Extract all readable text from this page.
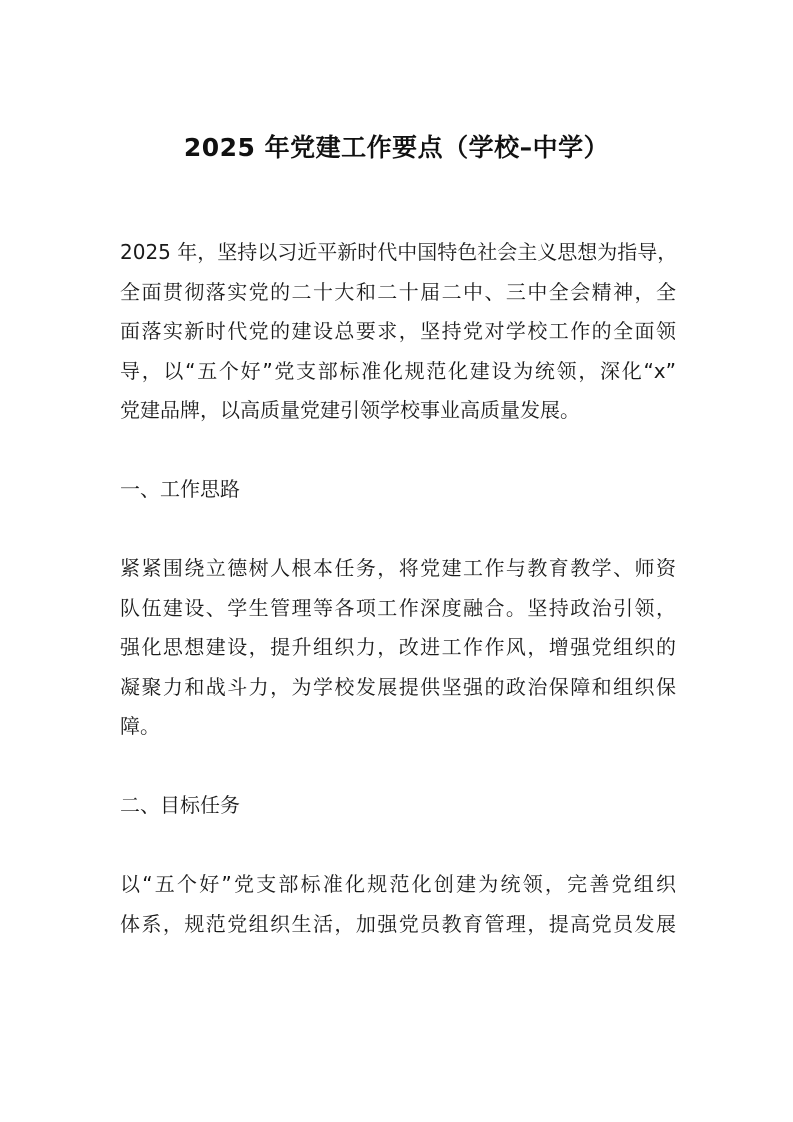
2025 年党建工作要点（学校–中学）

2025 年，坚持以习近平新时代中国特色社会主义思想为指导，
全面贯彻落实党的二十大和二十届二中、三中全会精神，全
面落实新时代党的建设总要求，坚持党对学校工作的全面领
导，以“五个好”党支部标准化规范化建设为统领，深化“x”
党建品牌，以高质量党建引领学校事业高质量发展。

一、工作思路

紧紧围绕立德树人根本任务，将党建工作与教育教学、师资
队伍建设、学生管理等各项工作深度融合。坚持政治引领，
强化思想建设，提升组织力，改进工作作风，增强党组织的
凝聚力和战斗力，为学校发展提供坚强的政治保障和组织保
障。

二、目标任务

以“五个好”党支部标准化规范化创建为统领，完善党组织
体系，规范党组织生活，加强党员教育管理，提高党员发展
